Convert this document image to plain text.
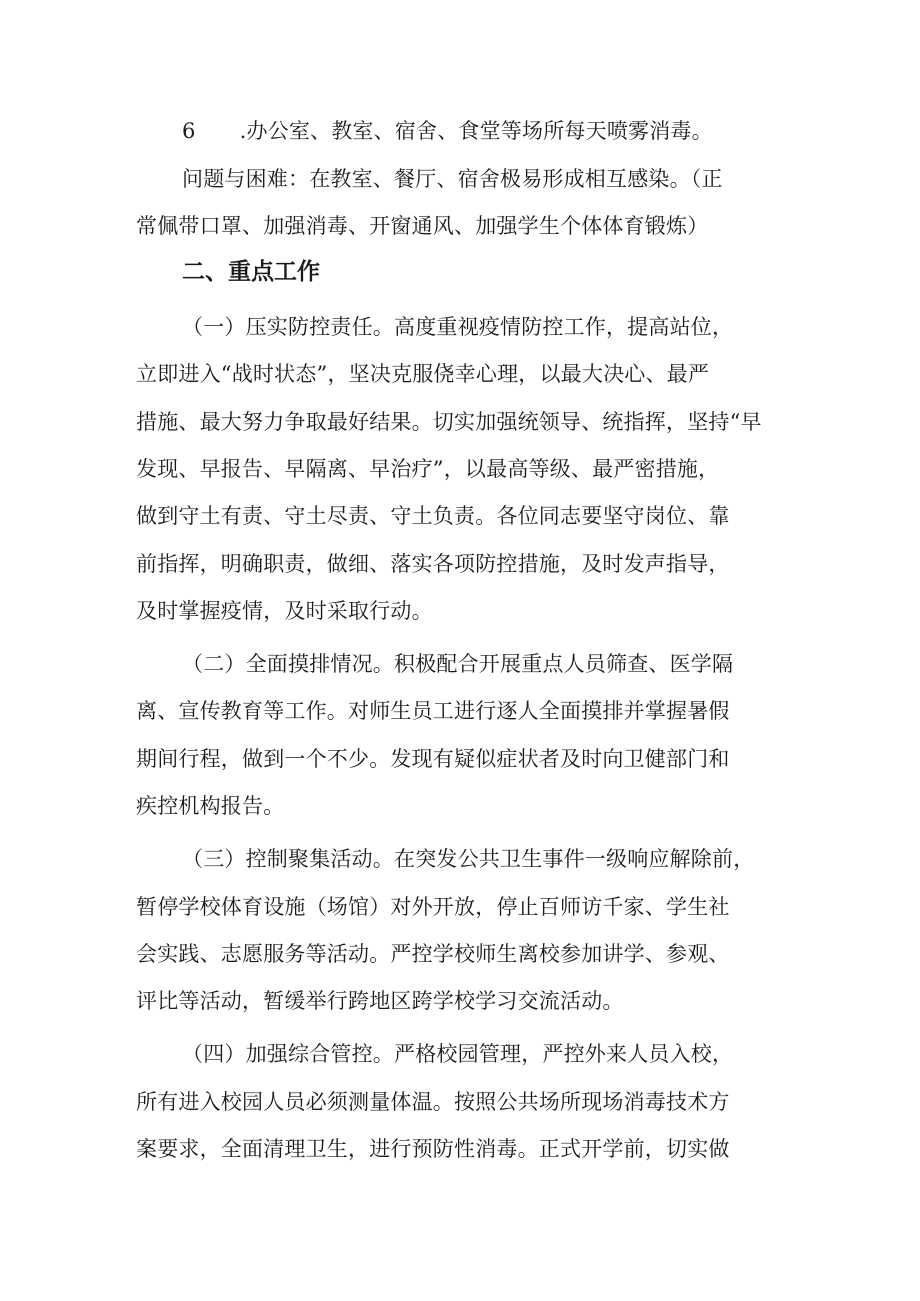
6 .办公室、教室、宿舍、食堂等场所每天喷雾消毒。
问题与困难：在教室、餐厅、宿舍极易形成相互感染。（正
常佩带口罩、加强消毒、开窗通风、加强学生个体体育锻炼）
二、重点工作
（一）压实防控责任。高度重视疫情防控工作，提高站位，
立即进入“战时状态”，坚决克服侥幸心理，以最大决心、最严
措施、最大努力争取最好结果。切实加强统领导、统指挥，坚持“早
发现、早报告、早隔离、早治疗”，以最高等级、最严密措施，
做到守土有责、守土尽责、守土负责。各位同志要坚守岗位、靠
前指挥，明确职责，做细、落实各项防控措施，及时发声指导，
及时掌握疫情，及时采取行动。
（二）全面摸排情况。积极配合开展重点人员筛查、医学隔
离、宣传教育等工作。对师生员工进行逐人全面摸排并掌握暑假
期间行程，做到一个不少。发现有疑似症状者及时向卫健部门和
疾控机构报告。
（三）控制聚集活动。在突发公共卫生事件一级响应解除前，
暂停学校体育设施（场馆）对外开放，停止百师访千家、学生社
会实践、志愿服务等活动。严控学校师生离校参加讲学、参观、
评比等活动，暂缓举行跨地区跨学校学习交流活动。
（四）加强综合管控。严格校园管理，严控外来人员入校，
所有进入校园人员必须测量体温。按照公共场所现场消毒技术方
案要求，全面清理卫生，进行预防性消毒。正式开学前，切实做
